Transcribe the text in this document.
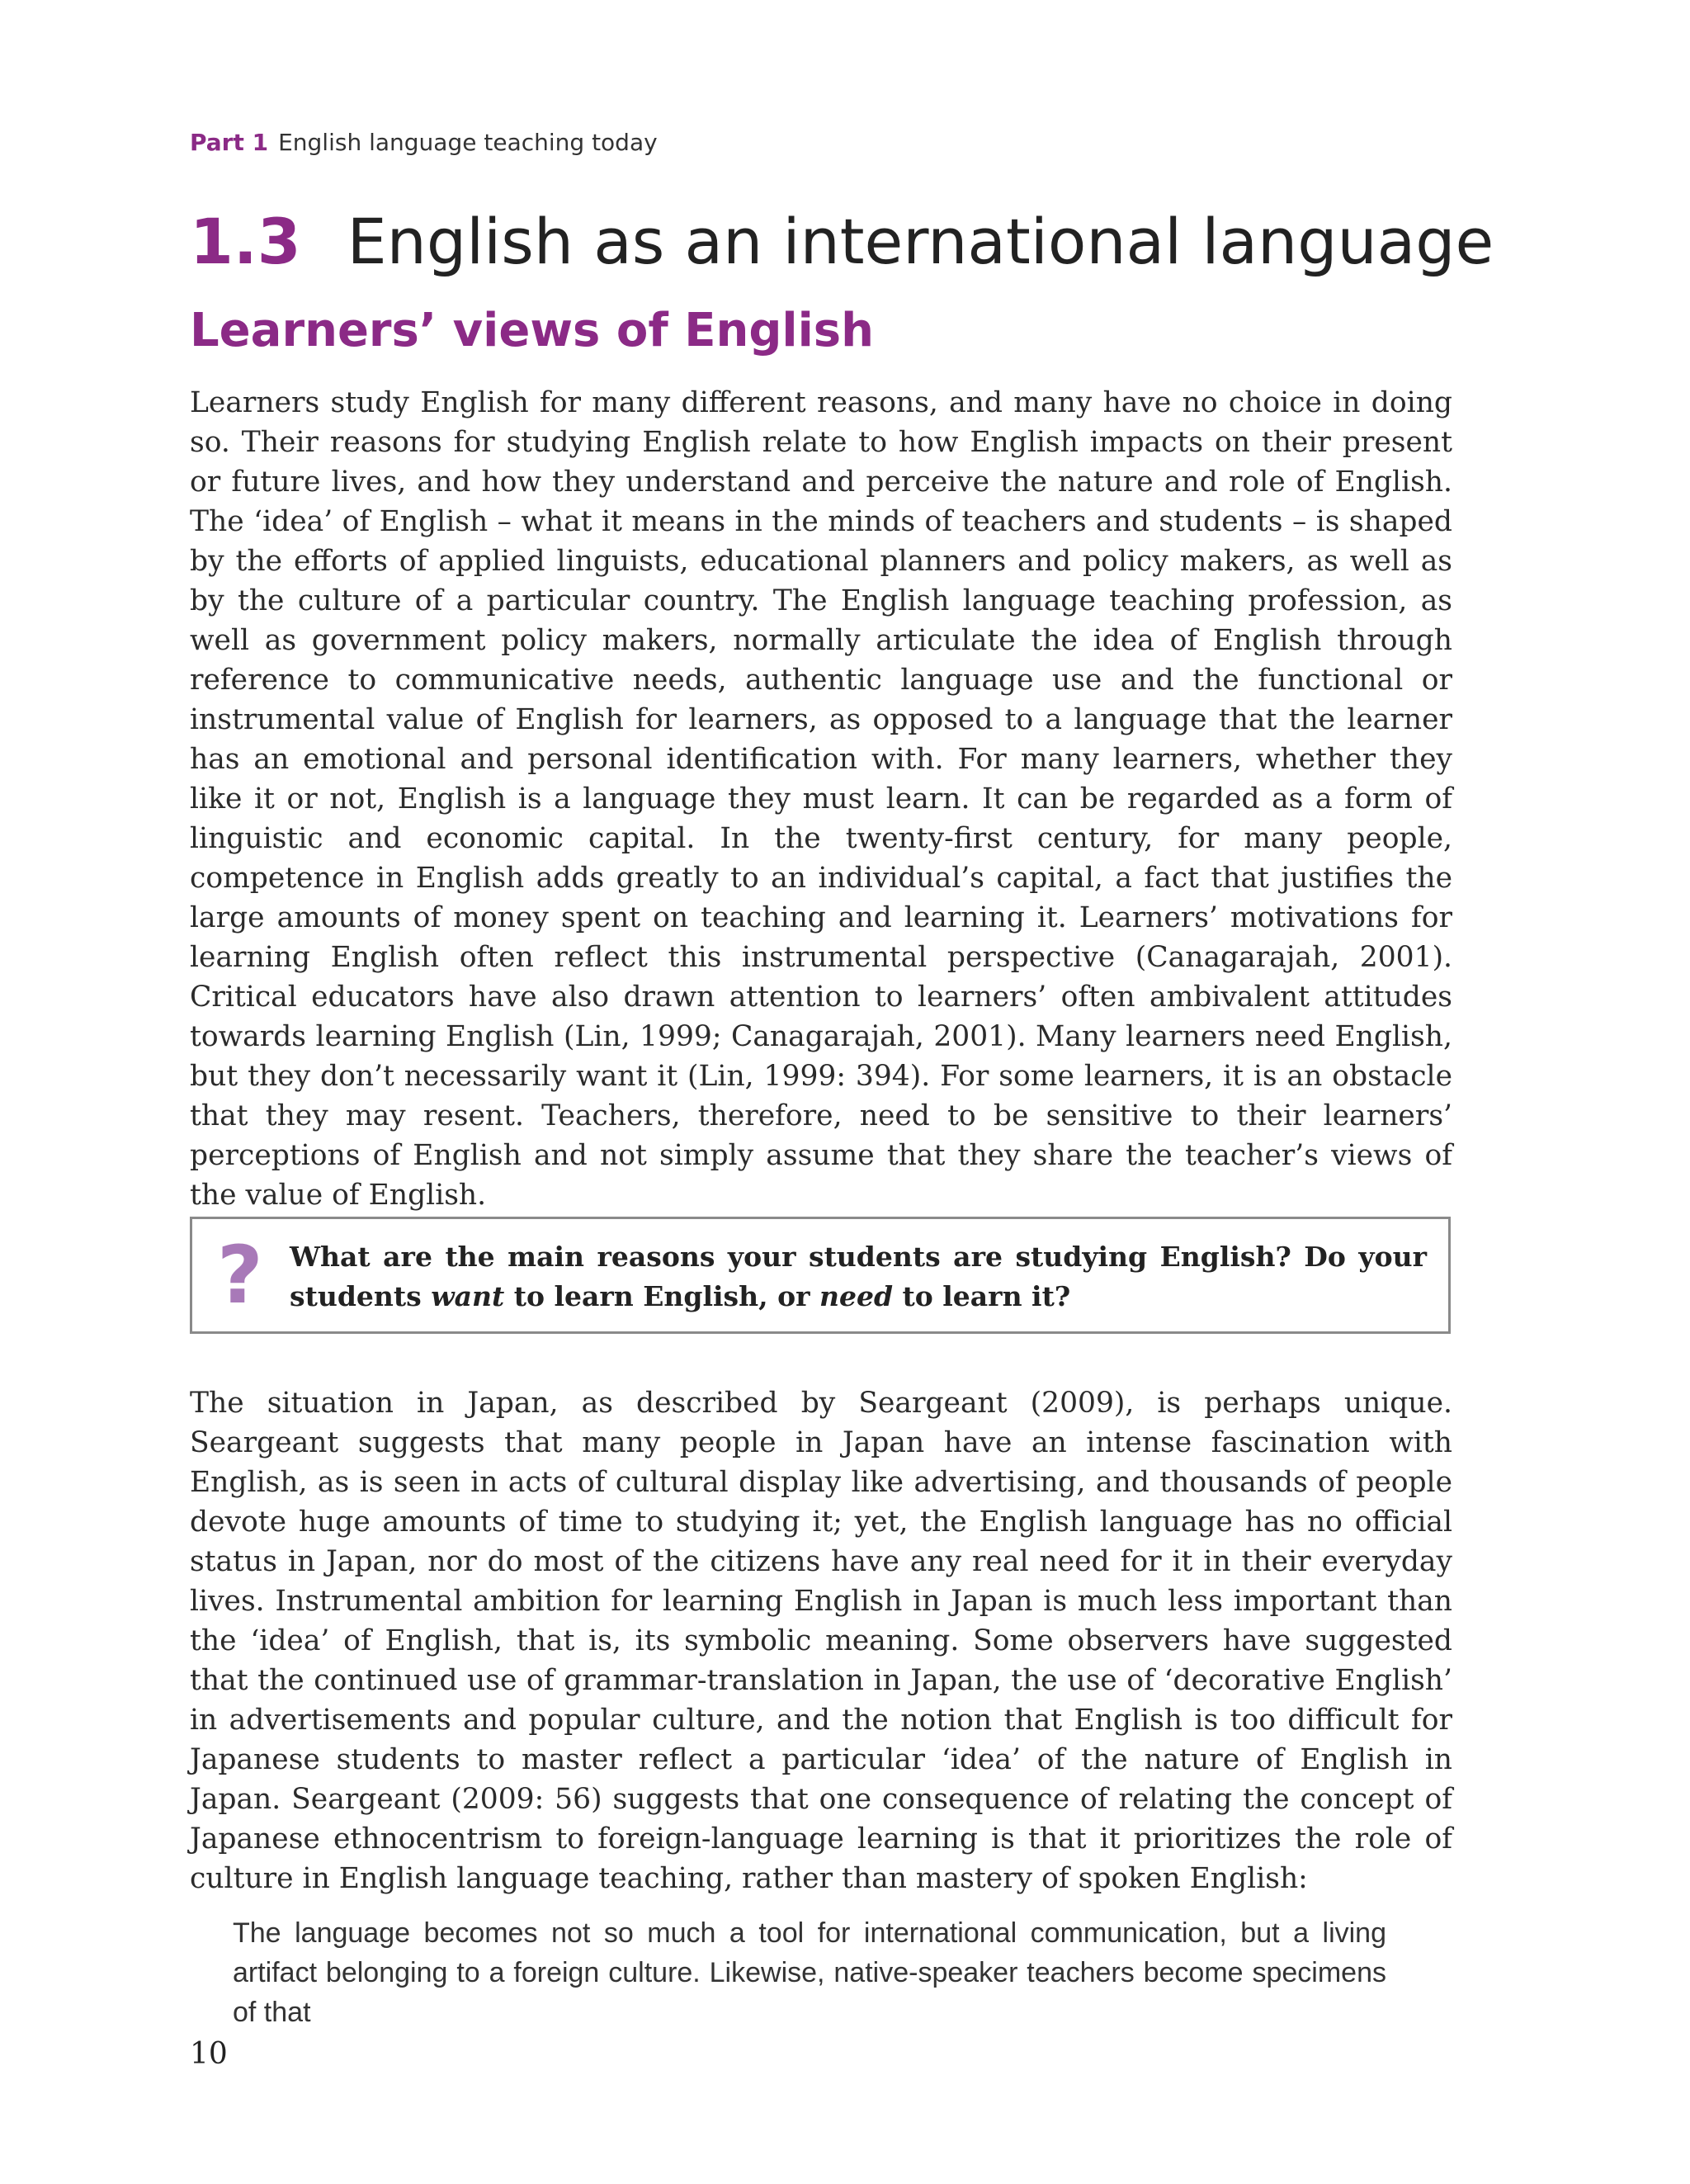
Part 1 English language teaching today
1.3 English as an international language
Learners’ views of English

Learners study English for many different reasons, and many have no choice in doing so. Their reasons for studying English relate to how English impacts on their present or future lives, and how they understand and perceive the nature and role of English. The ‘idea’ of English – what it means in the minds of teachers and students – is shaped by the efforts of applied linguists, educational planners and policy makers, as well as by the culture of a particular country. The English language teaching profession, as well as government policy makers, normally articulate the idea of English through reference to communicative needs, authentic language use and the functional or instrumental value of English for learners, as opposed to a language that the learner has an emotional and personal identification with. For many learners, whether they like it or not, English is a language they must learn. It can be regarded as a form of linguistic and economic capital. In the twenty-first century, for many people, competence in English adds greatly to an individual’s capital, a fact that justifies the large amounts of money spent on teaching and learning it. Learners’ motivations for learning English often reflect this instrumental perspective (Canagarajah, 2001). Critical educators have also drawn attention to learners’ often ambivalent attitudes towards learning English (Lin, 1999; Canagarajah, 2001). Many learners need English, but they don’t necessarily want it (Lin, 1999: 394). For some learners, it is an obstacle that they may resent. Teachers, therefore, need to be sensitive to their learners’ perceptions of English and not simply assume that they share the teacher’s views of the value of English.

? What are the main reasons your students are studying English? Do your students want to learn English, or need to learn it?

The situation in Japan, as described by Seargeant (2009), is perhaps unique. Seargeant suggests that many people in Japan have an intense fascination with English, as is seen in acts of cultural display like advertising, and thousands of people devote huge amounts of time to studying it; yet, the English language has no official status in Japan, nor do most of the citizens have any real need for it in their everyday lives. Instrumental ambition for learning English in Japan is much less important than the ‘idea’ of English, that is, its symbolic meaning. Some observers have suggested that the continued use of grammar-translation in Japan, the use of ‘decorative English’ in advertisements and popular culture, and the notion that English is too difficult for Japanese students to master reflect a particular ‘idea’ of the nature of English in Japan. Seargeant (2009: 56) suggests that one consequence of relating the concept of Japanese ethnocentrism to foreign-language learning is that it prioritizes the role of culture in English language teaching, rather than mastery of spoken English:

The language becomes not so much a tool for international communication, but a living artifact belonging to a foreign culture. Likewise, native-speaker teachers become specimens of that

10
